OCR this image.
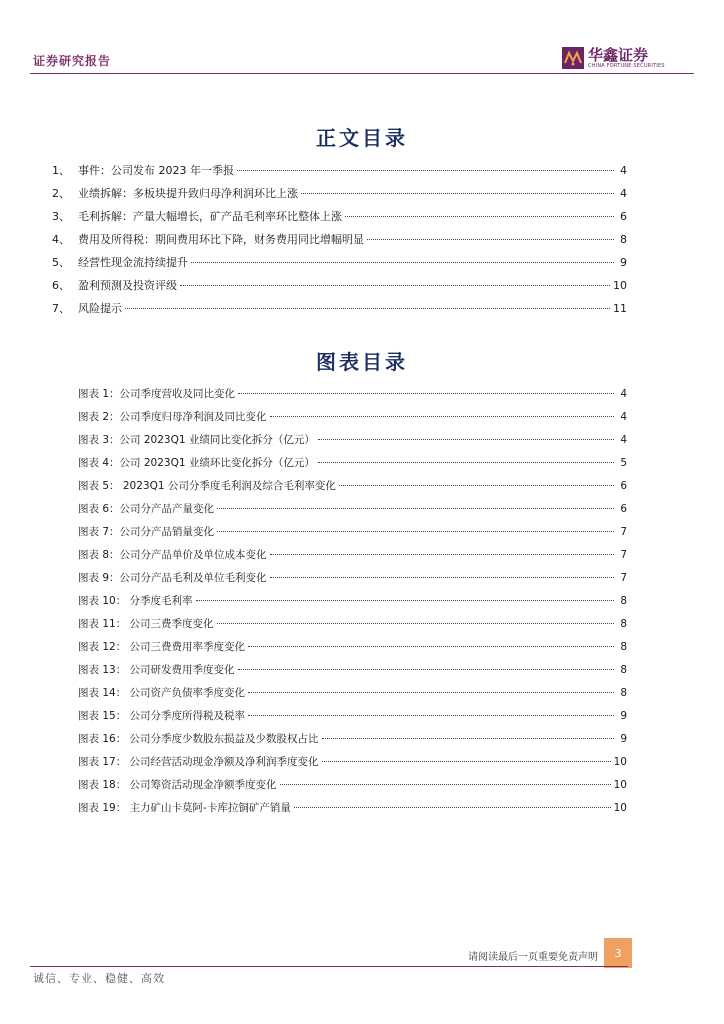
证券研究报告	华鑫证券
CHINA FORTUNE SECURITIES
正文目录
1、 事件：公司发布 2023 年一季报	4
2、 业绩拆解：多板块提升致归母净利润环比上涨	4
3、 毛利拆解：产量大幅增长，矿产品毛利率环比整体上涨	6
4、 费用及所得税：期间费用环比下降，财务费用同比增幅明显	8
5、 经营性现金流持续提升	9
6、 盈利预测及投资评级	10
7、 风险提示	11
图表目录
图表 1：公司季度营收及同比变化	4
图表 2：公司季度归母净利润及同比变化	4
图表 3：公司 2023Q1 业绩同比变化拆分（亿元）	4
图表 4：公司 2023Q1 业绩环比变化拆分（亿元）	5
图表 5： 2023Q1 公司分季度毛利润及综合毛利率变化	6
图表 6：公司分产品产量变化	6
图表 7：公司分产品销量变化	7
图表 8：公司分产品单价及单位成本变化	7
图表 9：公司分产品毛利及单位毛利变化	7
图表 10： 分季度毛利率	8
图表 11： 公司三费季度变化	8
图表 12： 公司三费费用率季度变化	8
图表 13： 公司研发费用季度变化	8
图表 14： 公司资产负债率季度变化	8
图表 15： 公司分季度所得税及税率	9
图表 16： 公司分季度少数股东损益及少数股权占比	9
图表 17： 公司经营活动现金净额及净利润季度变化	10
图表 18： 公司筹资活动现金净额季度变化	10
图表 19： 主力矿山卡莫阿-卡库拉铜矿产销量	10
请阅读最后一页重要免责声明	3
诚信、专业、稳健、高效
